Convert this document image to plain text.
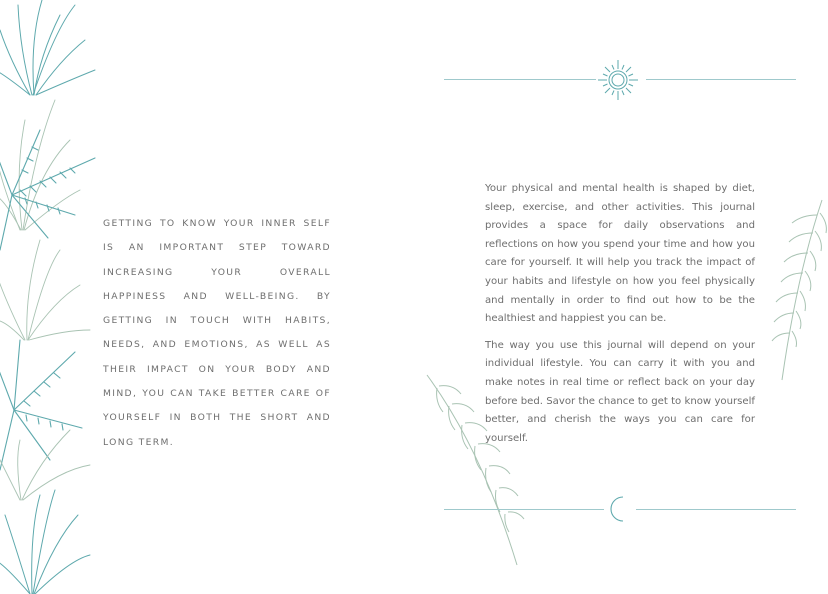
GETTING TO KNOW YOUR INNER SELF IS AN IMPORTANT STEP TOWARD INCREASING YOUR OVERALL HAPPINESS AND WELL-BEING. BY GETTING IN TOUCH WITH HABITS, NEEDS, AND EMOTIONS, AS WELL AS THEIR IMPACT ON YOUR BODY AND MIND, YOU CAN TAKE BETTER CARE OF YOURSELF IN BOTH THE SHORT AND LONG TERM.

Your physical and mental health is shaped by diet, sleep, exercise, and other activities. This journal provides a space for daily observations and reflections on how you spend your time and how you care for yourself. It will help you track the impact of your habits and lifestyle on how you feel physically and mentally in order to find out how to be the healthiest and happiest you can be.

The way you use this journal will depend on your individual lifestyle. You can carry it with you and make notes in real time or reflect back on your day before bed. Savor the chance to get to know yourself better, and cherish the ways you can care for yourself.
